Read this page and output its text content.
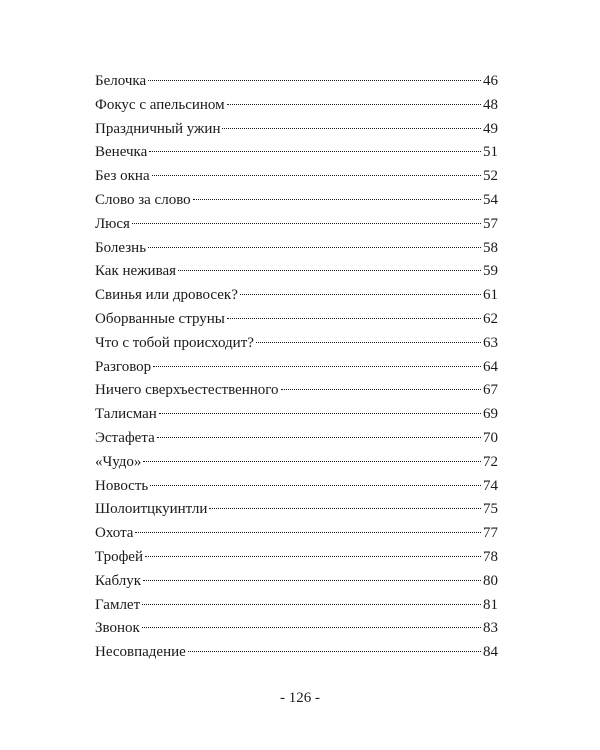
Белочка	46
Фокус с апельсином	48
Праздничный ужин	49
Венечка	51
Без окна	52
Слово за слово	54
Люся	57
Болезнь	58
Как неживая	59
Свинья или дровосек?	61
Оборванные струны	62
Что с тобой происходит?	63
Разговор	64
Ничего сверхъестественного	67
Талисман	69
Эстафета	70
«Чудо»	72
Новость	74
Шолоитцкуинтли	75
Охота	77
Трофей	78
Каблук	80
Гамлет	81
Звонок	83
Несовпадение	84
- 126 -
